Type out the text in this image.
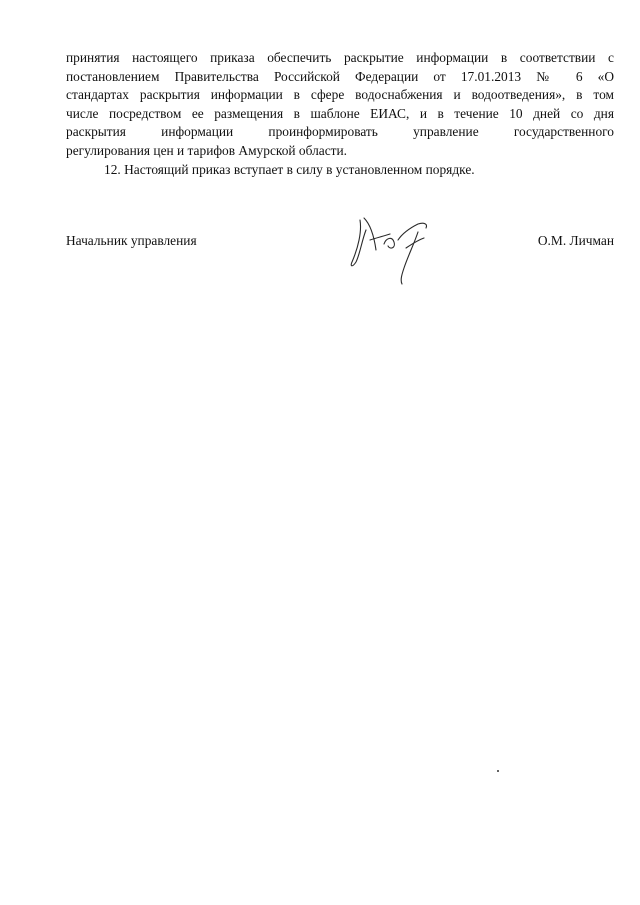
принятия настоящего приказа обеспечить раскрытие информации в соответствии с
постановлением Правительства Российской Федерации от 17.01.2013 № 6 «О
стандартах раскрытия информации в сфере водоснабжения и водоотведения», в том
числе посредством ее размещения в шаблоне ЕИАС, и в течение 10 дней со дня
раскрытия информации проинформировать управление государственного
регулирования цен и тарифов Амурской области.

12. Настоящий приказ вступает в силу в установленном порядке.

Начальник управления	О.М. Личман
